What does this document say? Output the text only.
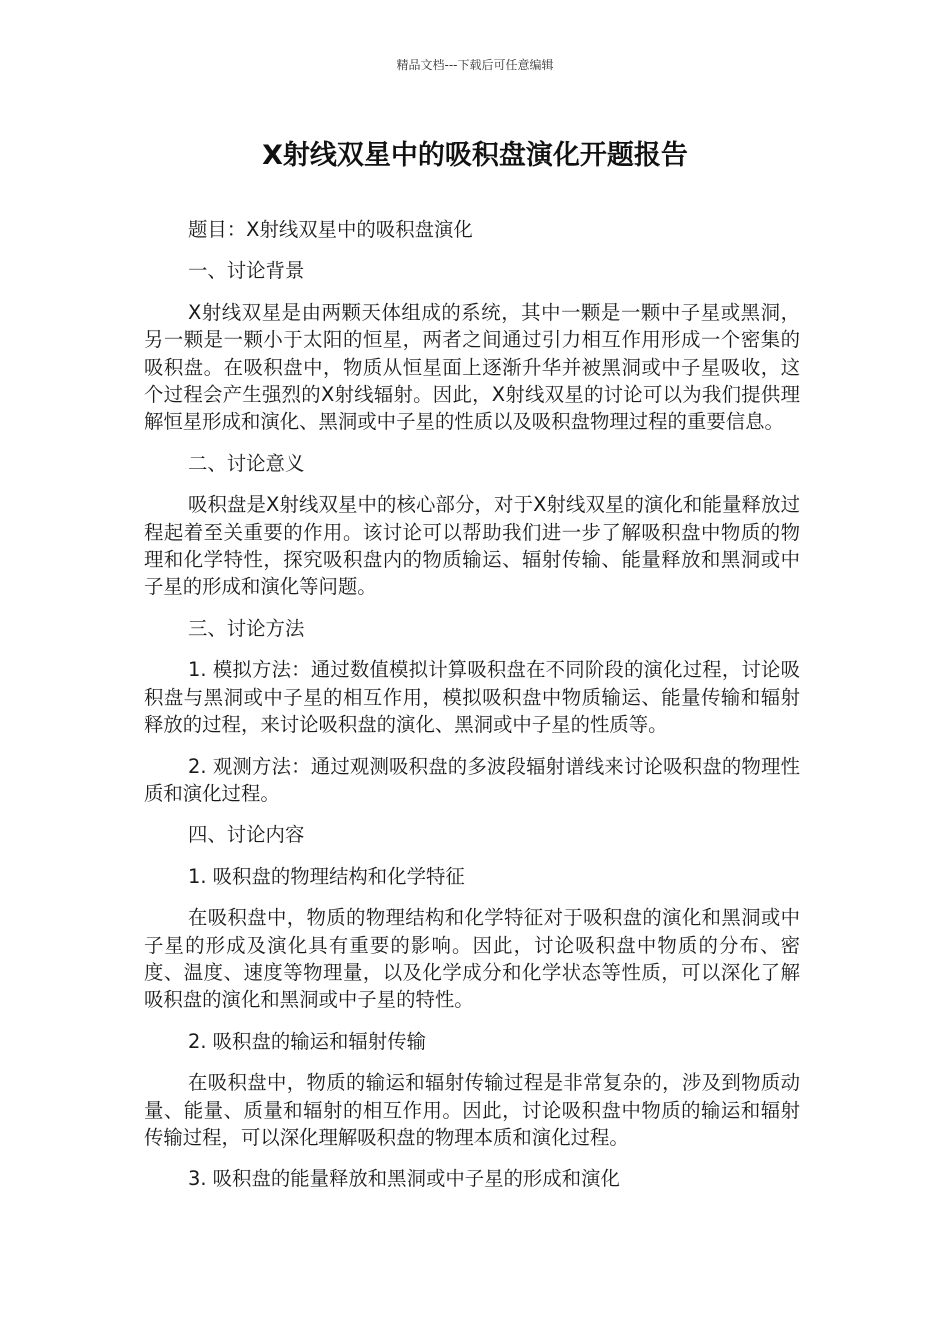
精品文档---下载后可任意编辑
X射线双星中的吸积盘演化开题报告

题目：X射线双星中的吸积盘演化

一、讨论背景

X射线双星是由两颗天体组成的系统，其中一颗是一颗中子星或黑洞，另一颗是一颗小于太阳的恒星，两者之间通过引力相互作用形成一个密集的吸积盘。在吸积盘中，物质从恒星面上逐渐升华并被黑洞或中子星吸收，这个过程会产生强烈的X射线辐射。因此，X射线双星的讨论可以为我们提供理解恒星形成和演化、黑洞或中子星的性质以及吸积盘物理过程的重要信息。

二、讨论意义

吸积盘是X射线双星中的核心部分，对于X射线双星的演化和能量释放过程起着至关重要的作用。该讨论可以帮助我们进一步了解吸积盘中物质的物理和化学特性，探究吸积盘内的物质输运、辐射传输、能量释放和黑洞或中子星的形成和演化等问题。

三、讨论方法

1. 模拟方法：通过数值模拟计算吸积盘在不同阶段的演化过程，讨论吸积盘与黑洞或中子星的相互作用，模拟吸积盘中物质输运、能量传输和辐射释放的过程，来讨论吸积盘的演化、黑洞或中子星的性质等。

2. 观测方法：通过观测吸积盘的多波段辐射谱线来讨论吸积盘的物理性质和演化过程。

四、讨论内容

1. 吸积盘的物理结构和化学特征

在吸积盘中，物质的物理结构和化学特征对于吸积盘的演化和黑洞或中子星的形成及演化具有重要的影响。因此，讨论吸积盘中物质的分布、密度、温度、速度等物理量，以及化学成分和化学状态等性质，可以深化了解吸积盘的演化和黑洞或中子星的特性。

2. 吸积盘的输运和辐射传输

在吸积盘中，物质的输运和辐射传输过程是非常复杂的，涉及到物质动量、能量、质量和辐射的相互作用。因此，讨论吸积盘中物质的输运和辐射传输过程，可以深化理解吸积盘的物理本质和演化过程。

3. 吸积盘的能量释放和黑洞或中子星的形成和演化
